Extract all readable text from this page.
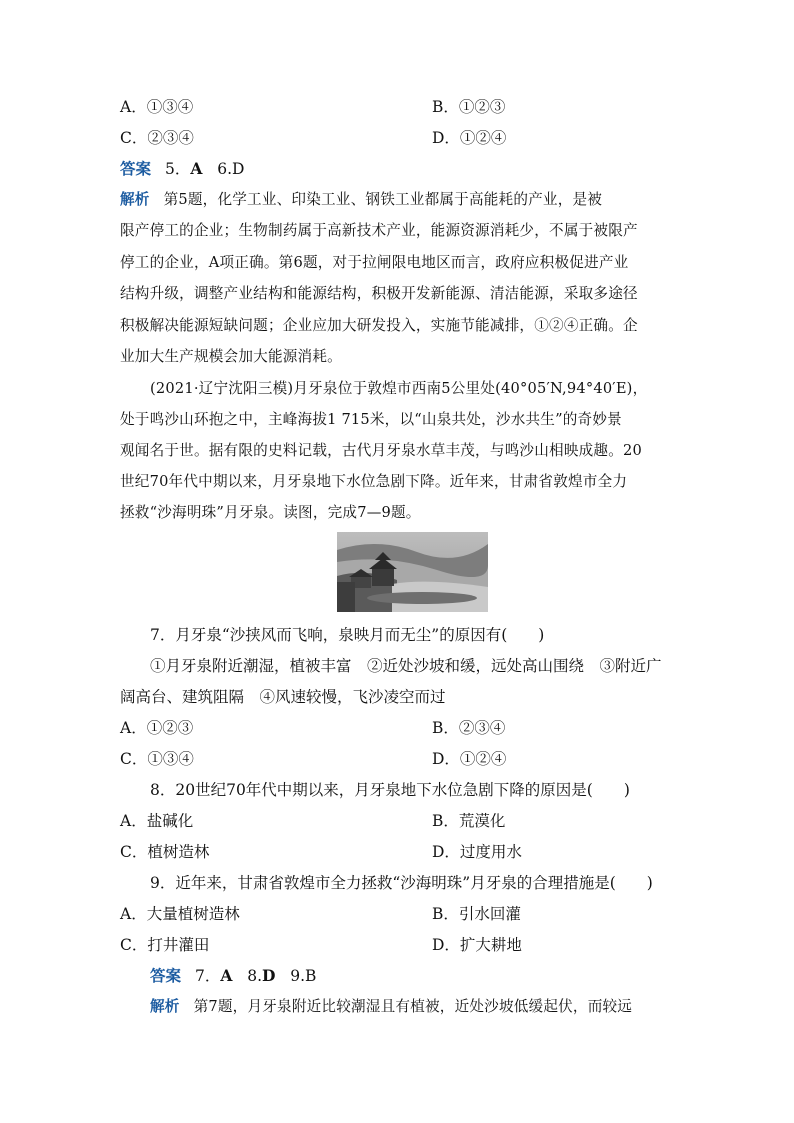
A．①③④	B．①②③
C．②③④	D．①②④
答案 5．A 6.D
解析 第5题，化学工业、印染工业、钢铁工业都属于高能耗的产业，是被
限产停工的企业；生物制药属于高新技术产业，能源资源消耗少，不属于被限产
停工的企业，A项正确。第6题，对于拉闸限电地区而言，政府应积极促进产业
结构升级，调整产业结构和能源结构，积极开发新能源、清洁能源，采取多途径
积极解决能源短缺问题；企业应加大研发投入，实施节能减排，①②④正确。企
业加大生产规模会加大能源消耗。
(2021·辽宁沈阳三模)月牙泉位于敦煌市西南5公里处(40°05′N,94°40′E)，
处于鸣沙山环抱之中，主峰海拔1 715米，以“山泉共处，沙水共生”的奇妙景
观闻名于世。据有限的史料记载，古代月牙泉水草丰茂，与鸣沙山相映成趣。20
世纪70年代中期以来，月牙泉地下水位急剧下降。近年来，甘肃省敦煌市全力
拯救“沙海明珠”月牙泉。读图，完成7—9题。
7．月牙泉“沙挟风而飞响，泉映月而无尘”的原因有(　　)
①月牙泉附近潮湿，植被丰富　②近处沙坡和缓，远处高山围绕　③附近广
阔高台、建筑阻隔　④风速较慢，飞沙凌空而过
A．①②③	B．②③④
C．①③④	D．①②④
8．20世纪70年代中期以来，月牙泉地下水位急剧下降的原因是(　　)
A．盐碱化	B．荒漠化
C．植树造林	D．过度用水
9．近年来，甘肃省敦煌市全力拯救“沙海明珠”月牙泉的合理措施是(　　)
A．大量植树造林	B．引水回灌
C．打井灌田	D．扩大耕地
答案 7．A 8.D 9.B
解析 第7题，月牙泉附近比较潮湿且有植被，近处沙坡低缓起伏，而较远
